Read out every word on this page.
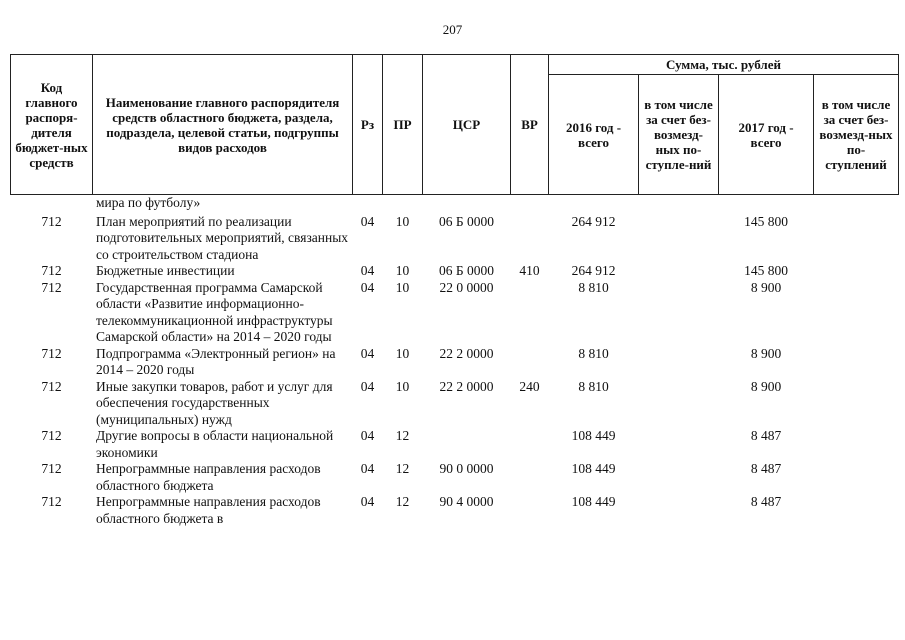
207
Код главного распоря-дителя бюджет-ных средств	Наименование главного распорядителя средств областного бюджета, раздела, подраздела, целевой статьи, подгруппы видов расходов	Рз	ПР	ЦСР	ВР	Сумма, тыс. рублей			
						2016 год - всего	в том числе за счет без-возмезд-ных по-ступле-ний	2017 год - всего	в том числе за счет без-возмезд-ных по-ступлений
	мира по футболу»								
712	План мероприятий по реализации подготовительных мероприятий, связанных со строительством стадиона	04	10	06 Б 0000		264 912		145 800	
712	Бюджетные инвестиции	04	10	06 Б 0000	410	264 912		145 800	
712	Государственная программа Самарской области «Развитие информационно-телекоммуникационной инфраструктуры Самарской области» на 2014 – 2020 годы	04	10	22 0 0000		8 810		8 900	
712	Подпрограмма «Электронный регион» на 2014 – 2020 годы	04	10	22 2 0000		8 810		8 900	
712	Иные закупки товаров, работ и услуг для обеспечения государственных (муниципальных) нужд	04	10	22 2 0000	240	8 810		8 900	
712	Другие вопросы в области национальной экономики	04	12			108 449		8 487	
712	Непрограммные направления расходов областного бюджета	04	12	90 0 0000		108 449		8 487	
712	Непрограммные направления расходов областного бюджета в	04	12	90 4 0000		108 449		8 487	
